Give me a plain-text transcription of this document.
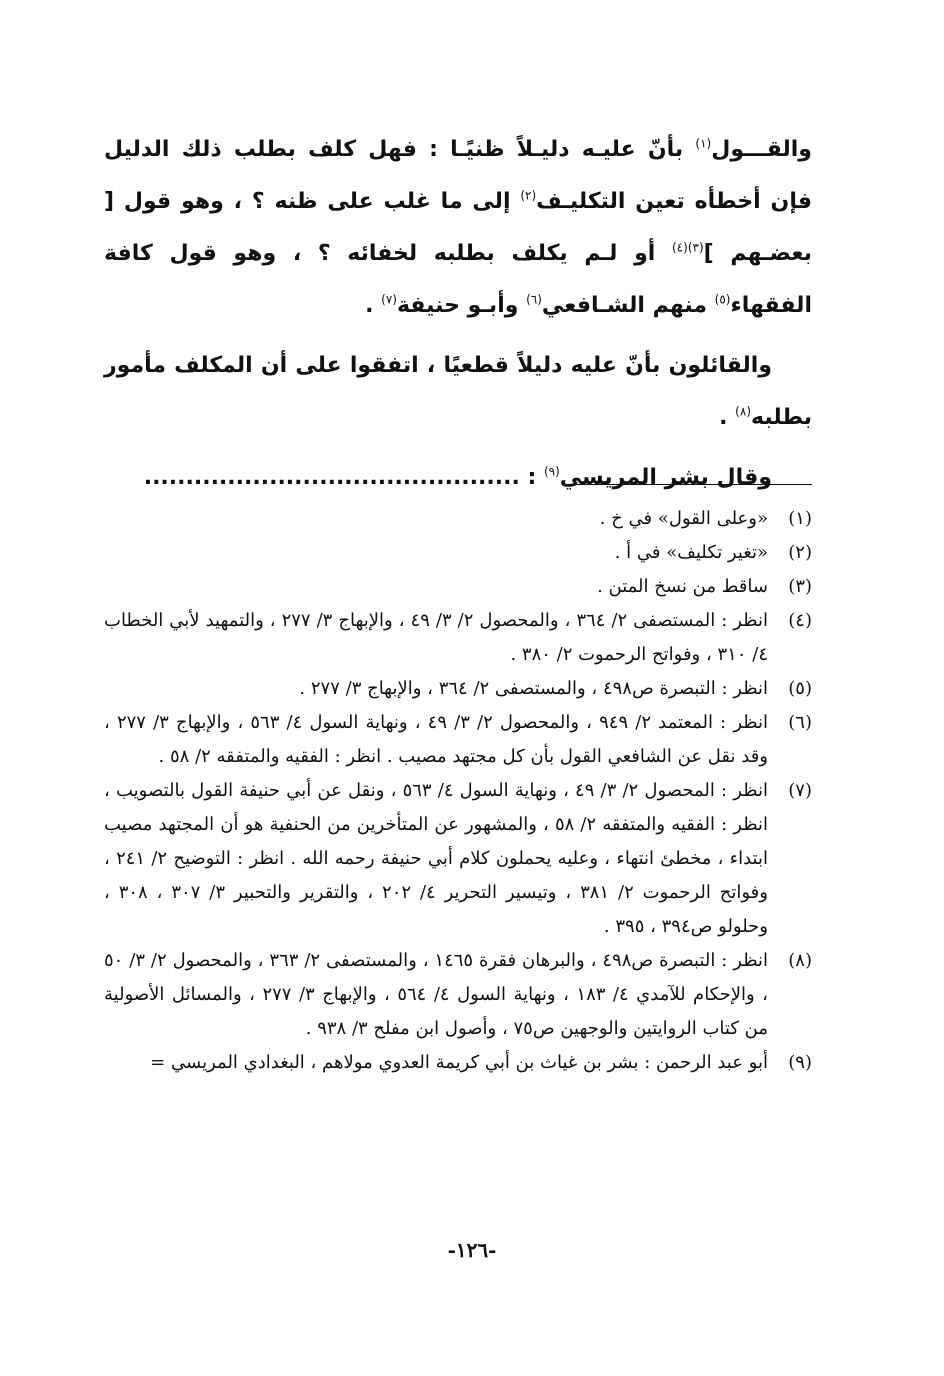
والقـــول$^{(١)}$ بأنّ عليـه دليـلاً ظنيًـا : فهل كلف بطلب ذلك الدليل فإن أخطأه تعين التكليـف$^{(٢)}$ إلى ما غلب على ظنه ؟ ، وهو قول [ بعضـهم ]$^{(٣)(٤)}$ أو لـم يكلف بطلبه لخفائه ؟ ، وهو قول كافة الفقهاء$^{(٥)}$ منهم الشـافعي$^{(٦)}$ وأبـو حنيفة$^{(٧)}$ .

والقائلون بأنّ عليه دليلاً قطعيًا ، اتفقوا على أن المكلف مأمور بطلبه$^{(٨)}$ .

وقال بشر المريسي$^{(٩)}$ : .............................................

(١)
«وعلى القول» في خ .
(٢)
«تغير تكليف» في أ .
(٣)
ساقط من نسخ المتن .
(٤)
انظر : المستصفى ٢/ ٣٦٤ ، والمحصول ٢/ ٣/ ٤٩ ، والإبهاج ٣/ ٢٧٧ ، والتمهيد لأبي الخطاب ٤/ ٣١٠ ، وفواتح الرحموت ٢/ ٣٨٠ .
(٥)
انظر : التبصرة ص٤٩٨ ، والمستصفى ٢/ ٣٦٤ ، والإبهاج ٣/ ٢٧٧ .
(٦)
انظر : المعتمد ٢/ ٩٤٩ ، والمحصول ٢/ ٣/ ٤٩ ، ونهاية السول ٤/ ٥٦٣ ، والإبهاج ٣/ ٢٧٧ ، وقد نقل عن الشافعي القول بأن كل مجتهد مصيب . انظر : الفقيه والمتفقه ٢/ ٥٨ .
(٧)
انظر : المحصول ٢/ ٣/ ٤٩ ، ونهاية السول ٤/ ٥٦٣ ، ونقل عن أبي حنيفة القول بالتصويب ، انظر : الفقيه والمتفقه ٢/ ٥٨ ، والمشهور عن المتأخرين من الحنفية هو أن المجتهد مصيب ابتداء ، مخطئ انتهاء ، وعليه يحملون كلام أبي حنيفة رحمه الله . انظر : التوضيح ٢/ ٢٤١ ، وفواتح الرحموت ٢/ ٣٨١ ، وتيسير التحرير ٤/ ٢٠٢ ، والتقرير والتحبير ٣/ ٣٠٧ ، ٣٠٨ ، وحلولو ص٣٩٤ ، ٣٩٥ .
(٨)
انظر : التبصرة ص٤٩٨ ، والبرهان فقرة ١٤٦٥ ، والمستصفى ٢/ ٣٦٣ ، والمحصول ٢/ ٣/ ٥٠ ، والإحكام للآمدي ٤/ ١٨٣ ، ونهاية السول ٤/ ٥٦٤ ، والإبهاج ٣/ ٢٧٧ ، والمسائل الأصولية من كتاب الروايتين والوجهين ص٧٥ ، وأصول ابن مفلح ٣/ ٩٣٨ .
(٩)
أبو عبد الرحمن : بشر بن غياث بن أبي كريمة العدوي مولاهم ، البغدادي المريسي =
-١٢٦-
